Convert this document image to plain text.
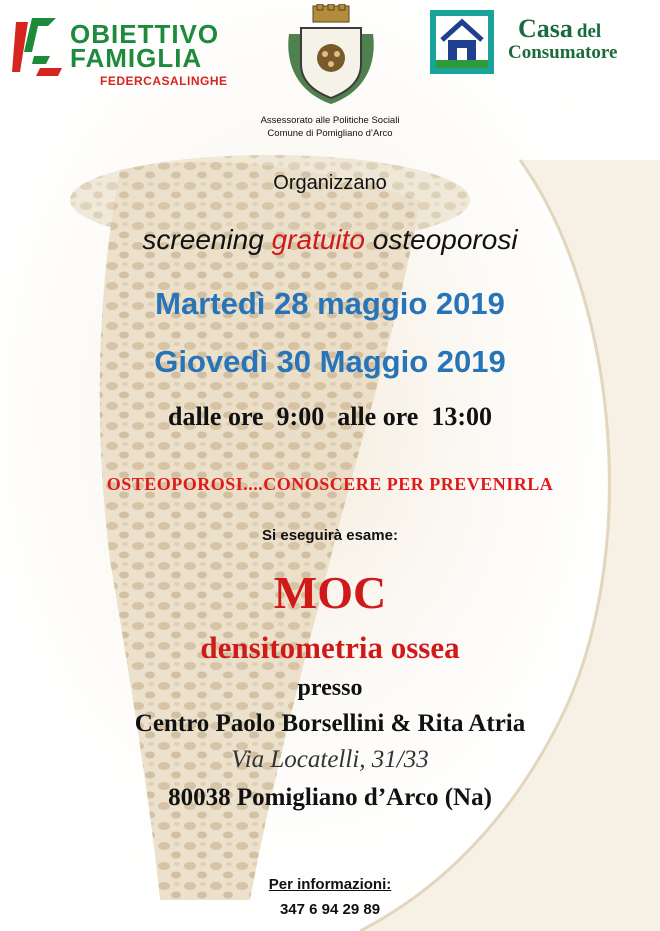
OBIETTIVO
FAMIGLIA
FEDERCASALINGHE
Assessorato alle Politiche Sociali
Comune di Pomigliano d’Arco
Casa del
Consumatore
Organizzano
screening gratuito osteoporosi
Martedì 28 maggio 2019
Giovedì 30 Maggio 2019
dalle ore  9:00  alle ore  13:00
OSTEOPOROSI....CONOSCERE PER PREVENIRLA
Si eseguirà esame:
MOC
densitometria ossea
presso
Centro Paolo Borsellini & Rita Atria
Via Locatelli, 31/33
80038 Pomigliano d’Arco (Na)
Per informazioni:
347 6 94 29 89
